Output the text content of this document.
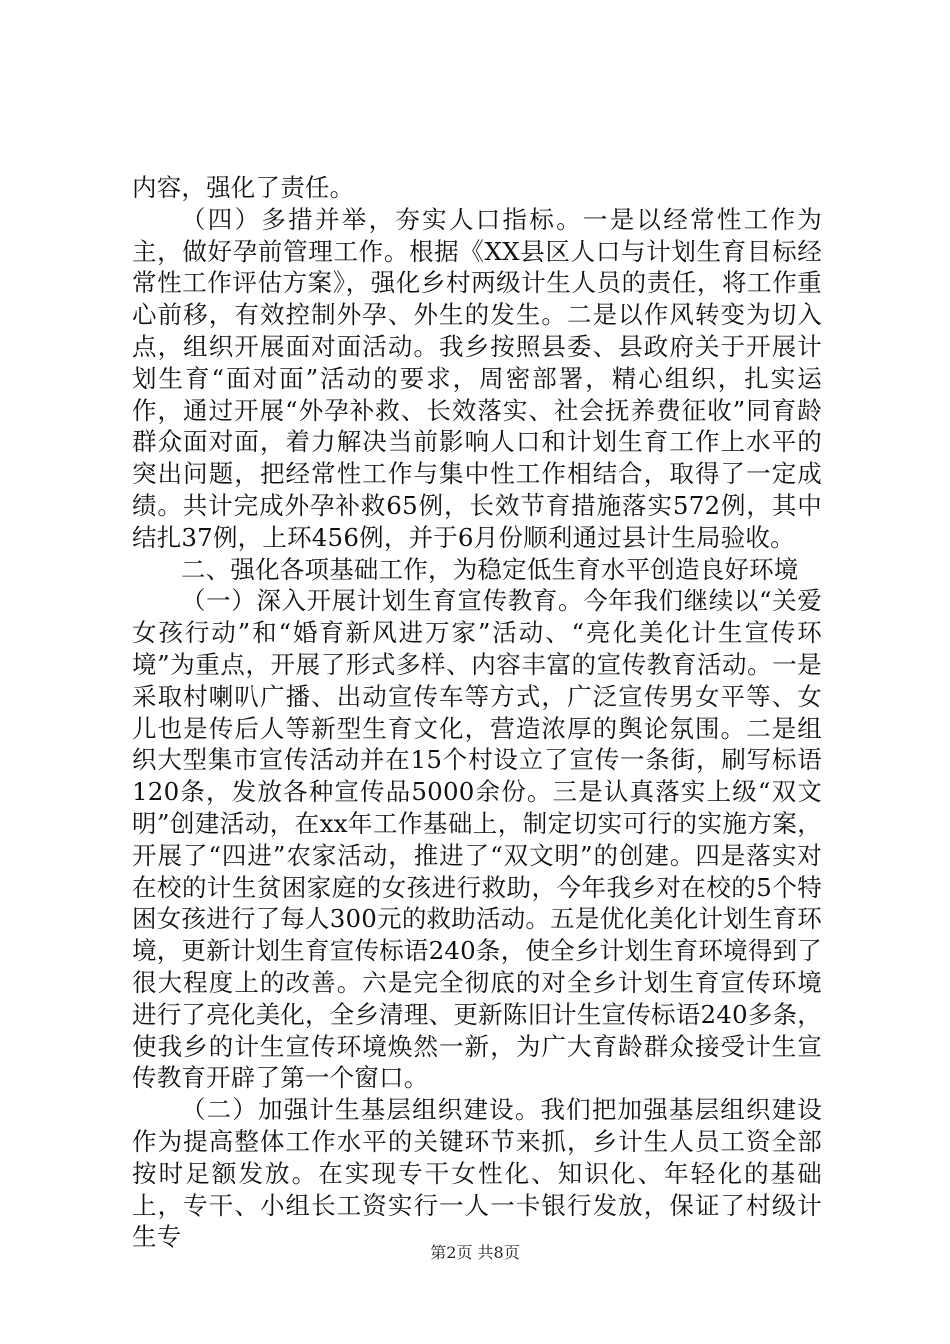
内容，强化了责任。

（四）多措并举，夯实人口指标。一是以经常性工作为主，做好孕前管理工作。根据《XX县区人口与计划生育目标经常性工作评估方案》，强化乡村两级计生人员的责任，将工作重心前移，有效控制外孕、外生的发生。二是以作风转变为切入点，组织开展面对面活动。我乡按照县委、县政府关于开展计划生育“面对面”活动的要求，周密部署，精心组织，扎实运作，通过开展“外孕补救、长效落实、社会抚养费征收”同育龄群众面对面，着力解决当前影响人口和计划生育工作上水平的突出问题，把经常性工作与集中性工作相结合，取得了一定成绩。共计完成外孕补救65例，长效节育措施落实572例，其中结扎37例，上环456例，并于6月份顺利通过县计生局验收。

二、强化各项基础工作，为稳定低生育水平创造良好环境

（一）深入开展计划生育宣传教育。今年我们继续以“关爱女孩行动”和“婚育新风进万家”活动、“亮化美化计生宣传环境”为重点，开展了形式多样、内容丰富的宣传教育活动。一是采取村喇叭广播、出动宣传车等方式，广泛宣传男女平等、女儿也是传后人等新型生育文化，营造浓厚的舆论氛围。二是组织大型集市宣传活动并在15个村设立了宣传一条街，刷写标语120条，发放各种宣传品5000余份。三是认真落实上级“双文明”创建活动，在xx年工作基础上，制定切实可行的实施方案，开展了“四进”农家活动，推进了“双文明”的创建。四是落实对在校的计生贫困家庭的女孩进行救助，今年我乡对在校的5个特困女孩进行了每人300元的救助活动。五是优化美化计划生育环境，更新计划生育宣传标语240条，使全乡计划生育环境得到了很大程度上的改善。六是完全彻底的对全乡计划生育宣传环境进行了亮化美化，全乡清理、更新陈旧计生宣传标语240多条，使我乡的计生宣传环境焕然一新，为广大育龄群众接受计生宣传教育开辟了第一个窗口。

（二）加强计生基层组织建设。我们把加强基层组织建设作为提高整体工作水平的关键环节来抓，乡计生人员工资全部按时足额发放。在实现专干女性化、知识化、年轻化的基础上，专干、小组长工资实行一人一卡银行发放，保证了村级计生专

第2页 共8页
